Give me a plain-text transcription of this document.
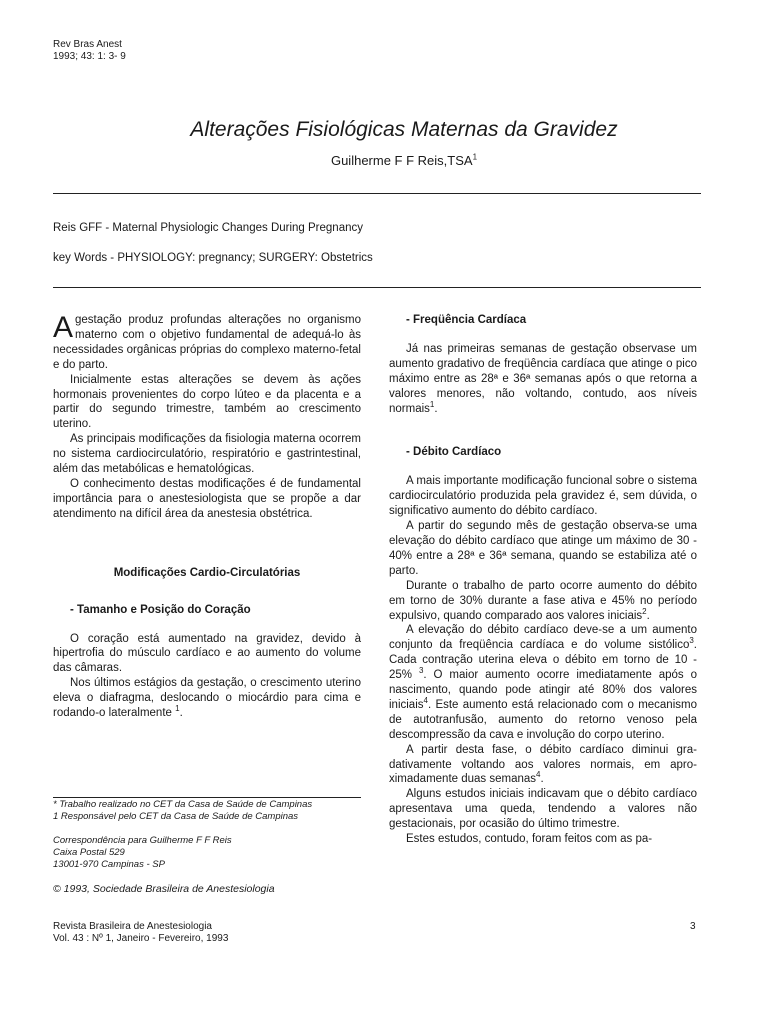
Rev Bras Anest
1993; 43: 1: 3- 9
Alterações Fisiológicas Maternas da Gravidez
Guilherme F F Reis,TSA$^1$
Reis GFF - Maternal Physiologic Changes During Pregnancy
key Words - PHYSIOLOGY: pregnancy; SURGERY: Obstetrics

Agestação produz profundas alterações no organismo materno com o objetivo fundamental de adequá-lo às necessidades orgânicas próprias do complexo materno-fetal e do parto.

Inicialmente estas alterações se devem às ações hormonais provenientes do corpo lúteo e da placenta e a partir do segundo trimestre, também ao crescimento uterino.

As principais modificações da fisiologia materna ocorrem no sistema cardiocirculatório, respiratório e gastrintestinal, além das metabólicas e hematológicas.

O conhecimento destas modificações é de fundamental importância para o anestesiologista que se propõe a dar atendimento na difícil área da anestesia obstétrica.

Modificações Cardio-Circulatórias

- Tamanho e Posição do Coração

O coração está aumentado na gravidez, devido à hipertrofia do músculo cardíaco e ao aumento do volume das câmaras.

Nos últimos estágios da gestação, o crescimento uterino eleva o diafragma, deslocando o miocárdio para cima e rodando-o lateralmente $^1$.

* Trabalho realizado no CET da Casa de Saúde de Campinas
1 Responsável pelo CET da Casa de Saúde de Campinas
Correspondência para Guilherme F F Reis
Caixa Postal 529
13001-970 Campinas - SP
© 1993, Sociedade Brasileira de Anestesiologia

- Freqüência Cardíaca

Já nas primeiras semanas de gestação observase um aumento gradativo de freqüência cardíaca que atinge o pico máximo entre as 28ª e 36ª semanas após o que retorna a valores menores, não voltando, contudo, aos níveis normais$^1$.

- Débito Cardíaco

A mais importante modificação funcional sobre o sistema cardiocirculatório produzida pela gravidez é, sem dúvida, o significativo aumento do débito cardíaco.

A partir do segundo mês de gestação observa-se uma elevação do débito cardíaco que atinge um máximo de 30 - 40% entre a 28ª e 36ª semana, quando se estabiliza até o parto.

Durante o trabalho de parto ocorre aumento do débito em torno de 30% durante a fase ativa e 45% no período expulsivo, quando comparado aos valores iniciais$^2$.

A elevação do débito cardíaco deve-se a um aumento conjunto da freqüência cardíaca e do volume sistólico$^3$. Cada contração uterina eleva o débito em torno de 10 - 25% $^3$. O maior aumento ocorre imediatamente após o nascimento, quando pode atingir até 80% dos valores iniciais$^4$. Este aumento está relacionado com o mecanismo de autotranfusão, aumento do retorno venoso pela descompressão da cava e involução do corpo uterino.

A partir desta fase, o débito cardíaco diminui gradativamente voltando aos valores normais, em aproximadamente duas semanas$^4$.

Alguns estudos iniciais indicavam que o débito cardíaco apresentava uma queda, tendendo a valores não gestacionais, por ocasião do último trimestre.

Estes estudos, contudo, foram feitos com as pa-

Revista Brasileira de Anestesiologia
Vol. 43 : Nº 1, Janeiro - Fevereiro, 1993
3
